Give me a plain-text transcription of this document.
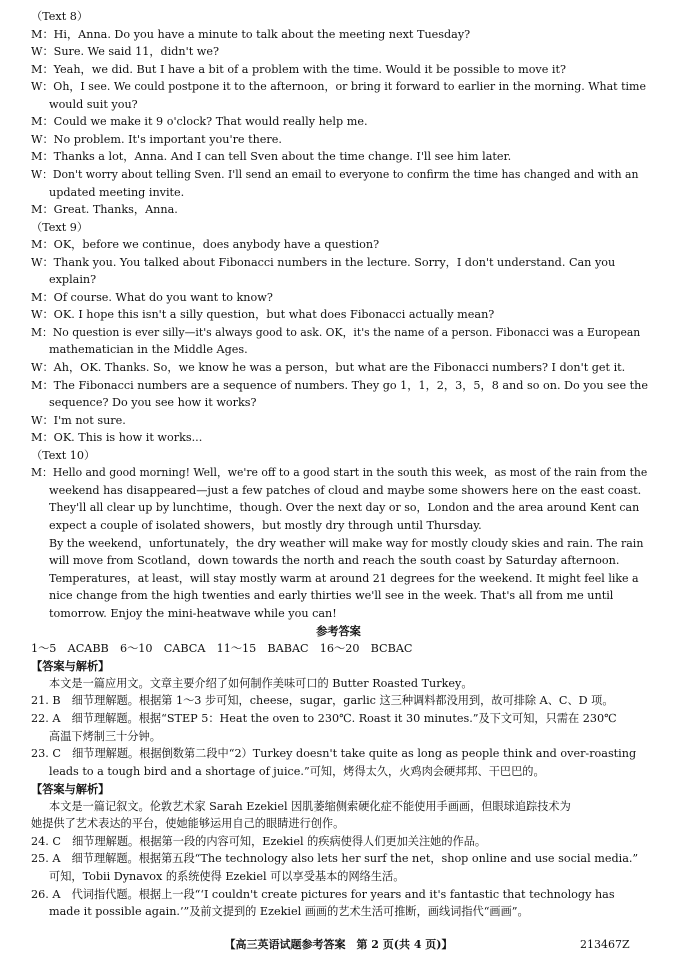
（Text 8）
M：Hi，Anna. Do you have a minute to talk about the meeting next Tuesday?
W：Sure. We said 11，didn't we?
M：Yeah，we did. But I have a bit of a problem with the time. Would it be possible to move it?
W：Oh，I see. We could postpone it to the afternoon，or bring it forward to earlier in the morning. What time
would suit you?
M：Could we make it 9 o'clock? That would really help me.
W：No problem. It's important you're there.
M：Thanks a lot，Anna. And I can tell Sven about the time change. I'll see him later.
W：Don't worry about telling Sven. I'll send an email to everyone to confirm the time has changed and with an
updated meeting invite.
M：Great. Thanks，Anna.
（Text 9）
M：OK，before we continue，does anybody have a question?
W：Thank you. You talked about Fibonacci numbers in the lecture. Sorry，I don't understand. Can you
explain?
M：Of course. What do you want to know?
W：OK. I hope this isn't a silly question，but what does Fibonacci actually mean?
M：No question is ever silly—it's always good to ask. OK，it's the name of a person. Fibonacci was a European
mathematician in the Middle Ages.
W：Ah，OK. Thanks. So，we know he was a person，but what are the Fibonacci numbers? I don't get it.
M：The Fibonacci numbers are a sequence of numbers. They go 1，1，2，3，5，8 and so on. Do you see the
sequence? Do you see how it works?
W：I'm not sure.
M：OK. This is how it works...
（Text 10）
M：Hello and good morning! Well，we're off to a good start in the south this week，as most of the rain from the
weekend has disappeared—just a few patches of cloud and maybe some showers here on the east coast.
They'll all clear up by lunchtime，though. Over the next day or so，London and the area around Kent can
expect a couple of isolated showers，but mostly dry through until Thursday.
By the weekend，unfortunately，the dry weather will make way for mostly cloudy skies and rain. The rain
will move from Scotland，down towards the north and reach the south coast by Saturday afternoon.
Temperatures，at least，will stay mostly warm at around 21 degrees for the weekend. It might feel like a
nice change from the high twenties and early thirties we'll see in the week. That's all from me until
tomorrow. Enjoy the mini-heatwave while you can!
参考答案
1～5　ACABB　6～10　CABCA　11～15　BABAC　16～20　BCBAC
【答案与解析】
本文是一篇应用文。文章主要介绍了如何制作美味可口的 Butter Roasted Turkey。
21. B　细节理解题。根据第 1～3 步可知，cheese，sugar，garlic 这三种调料都没用到，故可排除 A、C、D 项。
22. A　细节理解题。根据“STEP 5：Heat the oven to 230℃. Roast it 30 minutes.”及下文可知，只需在 230℃
高温下烤制三十分钟。
23. C　细节理解题。根据倒数第二段中“2）Turkey doesn't take quite as long as people think and over-roasting
leads to a tough bird and a shortage of juice.”可知，烤得太久，火鸡肉会硬邦邦、干巴巴的。
【答案与解析】
本文是一篇记叙文。伦敦艺术家 Sarah Ezekiel 因肌萎缩侧索硬化症不能使用手画画，但眼球追踪技术为
她提供了艺术表达的平台，使她能够运用自己的眼睛进行创作。
24. C　细节理解题。根据第一段的内容可知，Ezekiel 的疾病使得人们更加关注她的作品。
25. A　细节理解题。根据第五段“The technology also lets her surf the net，shop online and use social media.”
可知，Tobii Dynavox 的系统使得 Ezekiel 可以享受基本的网络生活。
26. A　代词指代题。根据上一段“‘I couldn't create pictures for years and it's fantastic that technology has
made it possible again.’”及前文提到的 Ezekiel 画画的艺术生活可推断，画线词指代“画画”。
【高三英语试题参考答案　第 2 页(共 4 页)】	213467Z
